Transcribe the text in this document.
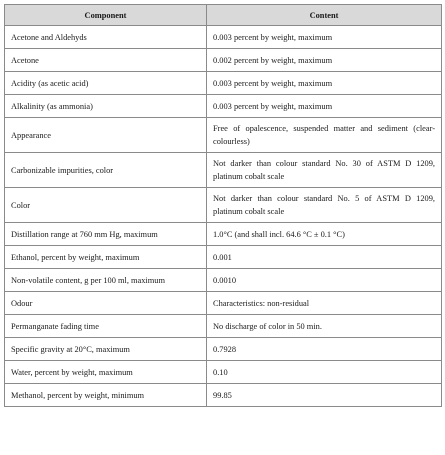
Component	Content
Acetone and Aldehyds	0.003 percent by weight, maximum
Acetone	0.002 percent by weight, maximum
Acidity (as acetic acid)	0.003 percent by weight, maximum
Alkalinity (as ammonia)	0.003 percent by weight, maximum
Appearance	Free of opalescence, suspended matter and sediment (clear-colourless)
Carbonizable impurities, color	Not darker than colour standard No. 30 of ASTM D 1209, platinum cobalt scale
Color	Not darker than colour standard No. 5 of ASTM D 1209, platinum cobalt scale
Distillation range at 760 mm Hg, maximum	1.0°C (and shall incl. 64.6 °C ± 0.1 °C)
Ethanol, percent by weight, maximum	0.001
Non-volatile content, g per 100 ml, maximum	0.0010
Odour	Characteristics: non-residual
Permanganate fading time	No discharge of color in 50 min.
Specific gravity at 20°C, maximum	0.7928
Water, percent by weight, maximum	0.10
Methanol, percent by weight, minimum	99.85
